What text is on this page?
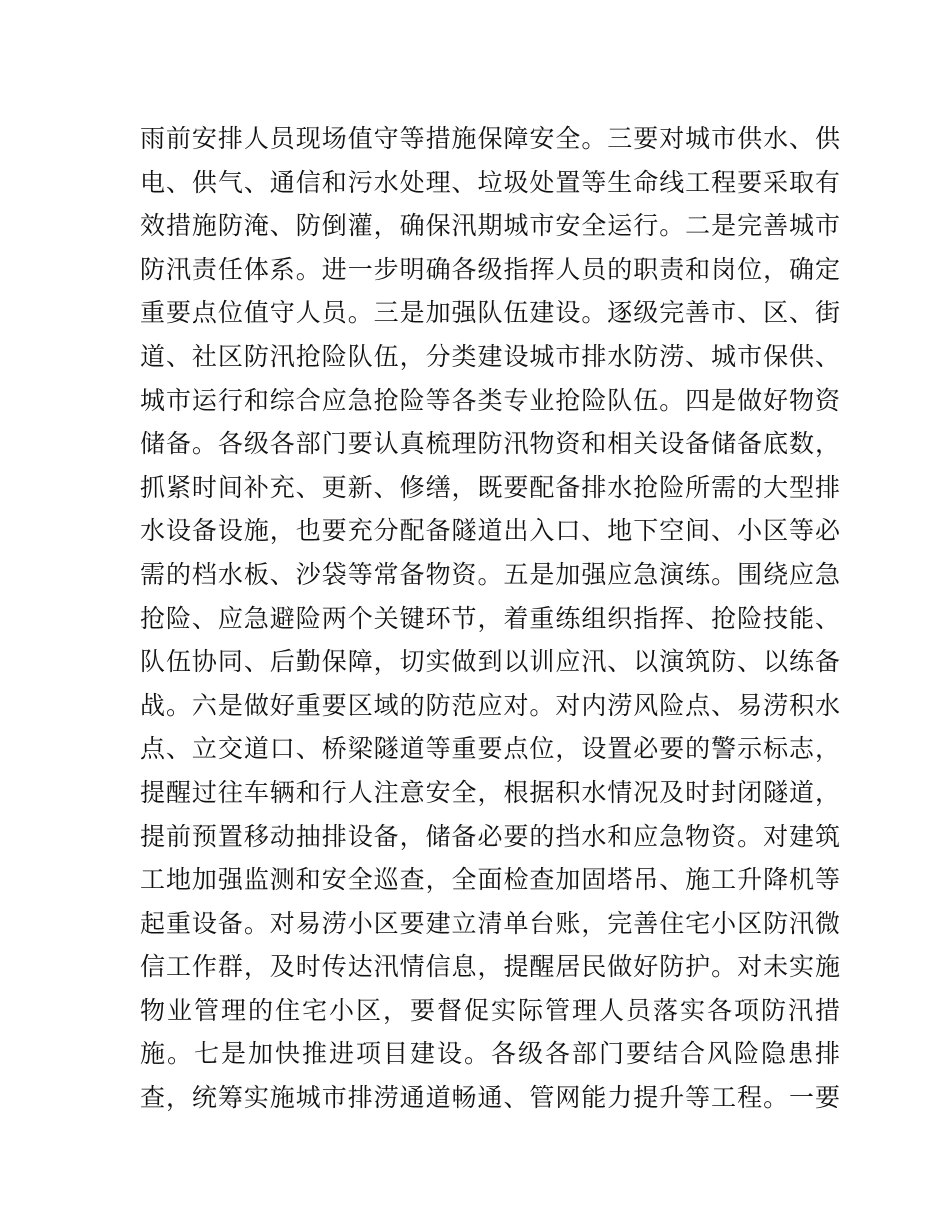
雨前安排人员现场值守等措施保障安全。三要对城市供水、供
电、供气、通信和污水处理、垃圾处置等生命线工程要采取有
效措施防淹、防倒灌，确保汛期城市安全运行。二是完善城市
防汛责任体系。进一步明确各级指挥人员的职责和岗位，确定
重要点位值守人员。三是加强队伍建设。逐级完善市、区、街
道、社区防汛抢险队伍，分类建设城市排水防涝、城市保供、
城市运行和综合应急抢险等各类专业抢险队伍。四是做好物资
储备。各级各部门要认真梳理防汛物资和相关设备储备底数，
抓紧时间补充、更新、修缮，既要配备排水抢险所需的大型排
水设备设施，也要充分配备隧道出入口、地下空间、小区等必
需的档水板、沙袋等常备物资。五是加强应急演练。围绕应急
抢险、应急避险两个关键环节，着重练组织指挥、抢险技能、
队伍协同、后勤保障，切实做到以训应汛、以演筑防、以练备
战。六是做好重要区域的防范应对。对内涝风险点、易涝积水
点、立交道口、桥梁隧道等重要点位，设置必要的警示标志，
提醒过往车辆和行人注意安全，根据积水情况及时封闭隧道，
提前预置移动抽排设备，储备必要的挡水和应急物资。对建筑
工地加强监测和安全巡查，全面检查加固塔吊、施工升降机等
起重设备。对易涝小区要建立清单台账，完善住宅小区防汛微
信工作群，及时传达汛情信息，提醒居民做好防护。对未实施
物业管理的住宅小区，要督促实际管理人员落实各项防汛措
施。七是加快推进项目建设。各级各部门要结合风险隐患排
查，统筹实施城市排涝通道畅通、管网能力提升等工程。一要
